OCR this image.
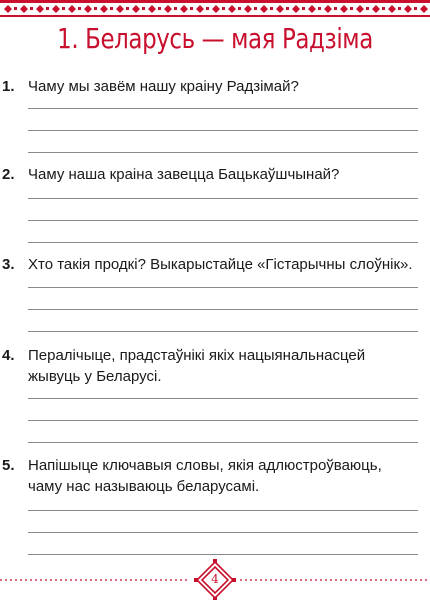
1. Беларусь — мая Радзіма
1. Чаму мы завём нашу краіну Радзімай?
2. Чаму наша краіна завецца Бацькаўшчынай?
3. Хто такія продкі? Выкарыстайце «Гістарычны слоўнік».
4. Пералічыце, прадстаўнікі якіх нацыянальнасцей жывуць у Беларусі.
5. Напішыце ключавыя словы, якія адлюстроўваюць, чаму нас называюць беларусамі.
4
